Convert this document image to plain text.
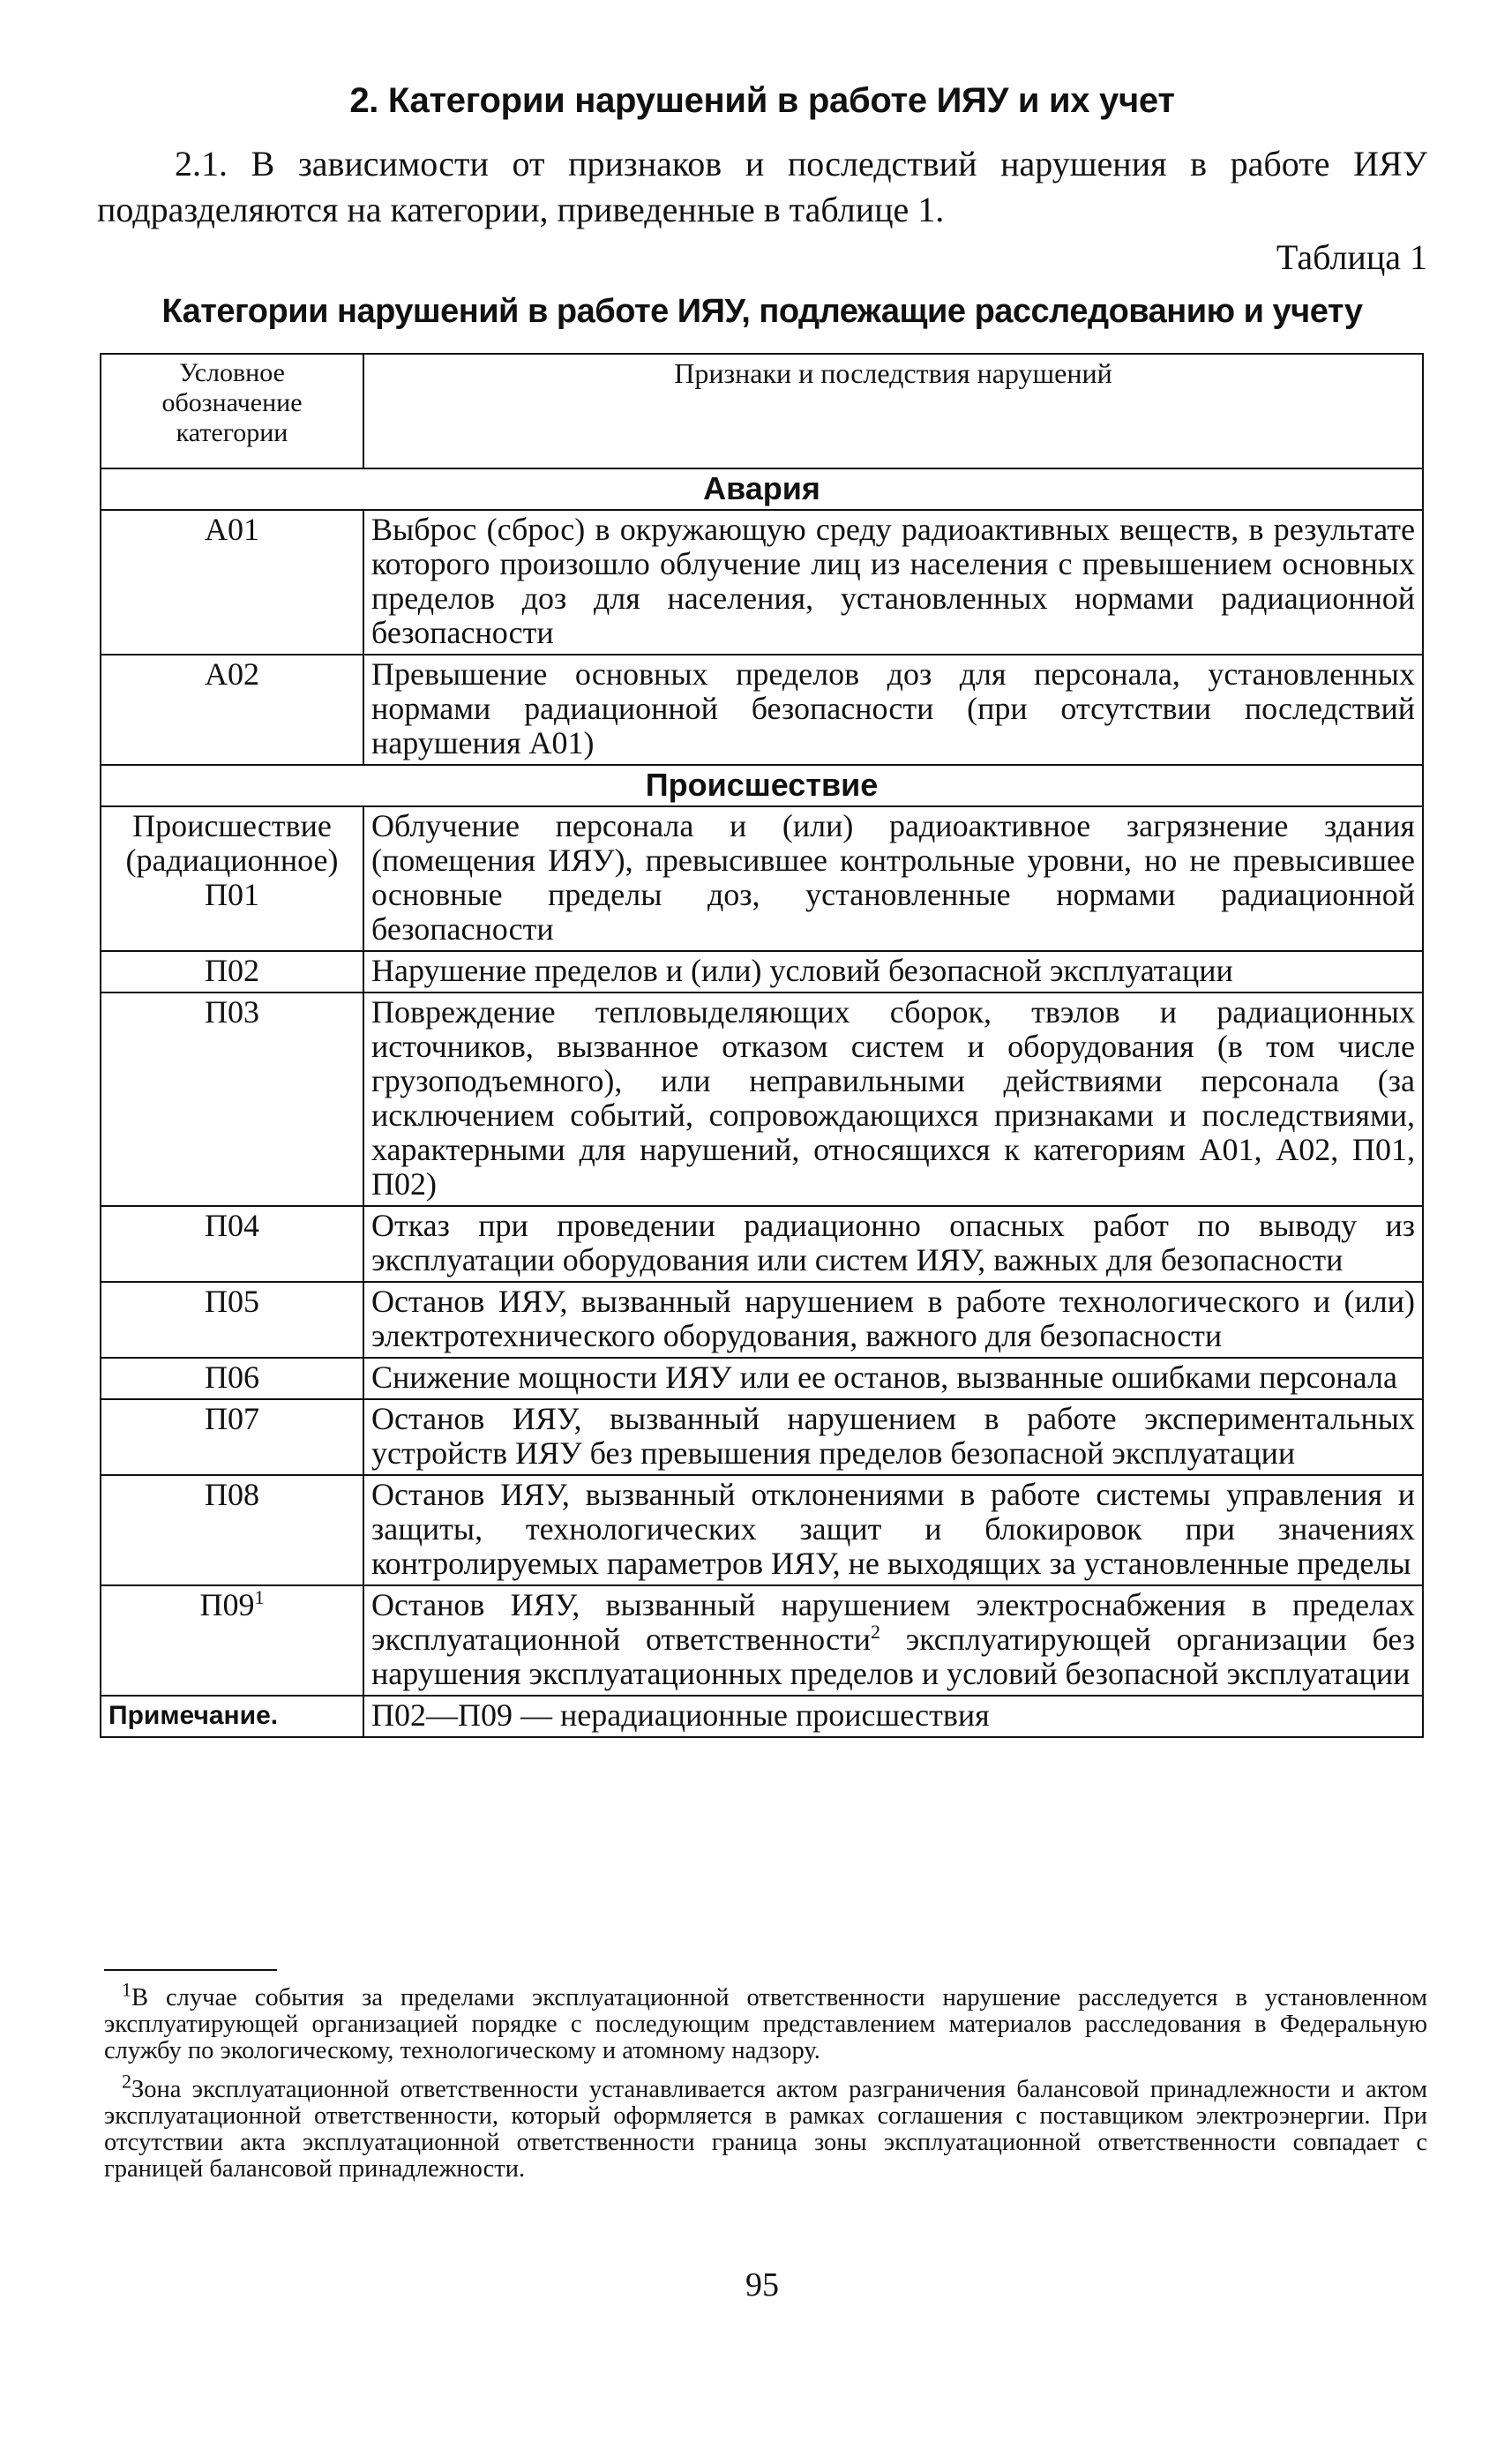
2. Категории нарушений в работе ИЯУ и их учет
2.1. В зависимости от признаков и последствий нарушения в работе ИЯУ подразделяются на категории, приведенные в таблице 1.
Таблица 1
Категории нарушений в работе ИЯУ, подлежащие расследованию и учету
Условное обозначение категории	Признаки и последствия нарушений
Авария	
А01	Выброс (сброс) в окружающую среду радиоактивных веществ, в результате которого произошло облучение лиц из населения с превышением основных пределов доз для населения, установленных нормами радиационной безопасности
А02	Превышение основных пределов доз для персонала, установленных нормами радиационной безопасности (при отсутствии последствий нарушения А01)
Происшествие	
Происшествие (радиационное) П01	Облучение персонала и (или) радиоактивное загрязнение здания (помещения ИЯУ), превысившее контрольные уровни, но не превысившее основные пределы доз, установленные нормами радиационной безопасности
П02	Нарушение пределов и (или) условий безопасной эксплуатации
П03	Повреждение тепловыделяющих сборок, твэлов и радиационных источников, вызванное отказом систем и оборудования (в том числе грузоподъемного), или неправильными действиями персонала (за исключением событий, сопровождающихся признаками и последствиями, характерными для нарушений, относящихся к категориям А01, А02, П01, П02)
П04	Отказ при проведении радиационно опасных работ по выводу из эксплуатации оборудования или систем ИЯУ, важных для безопасности
П05	Останов ИЯУ, вызванный нарушением в работе технологического и (или) электротехнического оборудования, важного для безопасности
П06	Снижение мощности ИЯУ или ее останов, вызванные ошибками персонала
П07	Останов ИЯУ, вызванный нарушением в работе экспериментальных устройств ИЯУ без превышения пределов безопасной эксплуатации
П08	Останов ИЯУ, вызванный отклонениями в работе системы управления и защиты, технологических защит и блокировок при значениях контролируемых параметров ИЯУ, не выходящих за установленные пределы
$П09^1$	Останов ИЯУ, вызванный нарушением электроснабжения в пределах эксплуатационной ответственности$^2$ эксплуатирующей организации без нарушения эксплуатационных пределов и условий безопасной эксплуатации
Примечание.	П02—П09 — нерадиационные происшествия

$^1$В случае события за пределами эксплуатационной ответственности нарушение расследуется в установленном эксплуатирующей организацией порядке с последующим представлением материалов расследования в Федеральную службу по экологическому, технологическому и атомному надзору.

$^2$Зона эксплуатационной ответственности устанавливается актом разграничения балансовой принадлежности и актом эксплуатационной ответственности, который оформляется в рамках соглашения с поставщиком электроэнергии. При отсутствии акта эксплуатационной ответственности граница зоны эксплуатационной ответственности совпадает с границей балансовой принадлежности.

95
